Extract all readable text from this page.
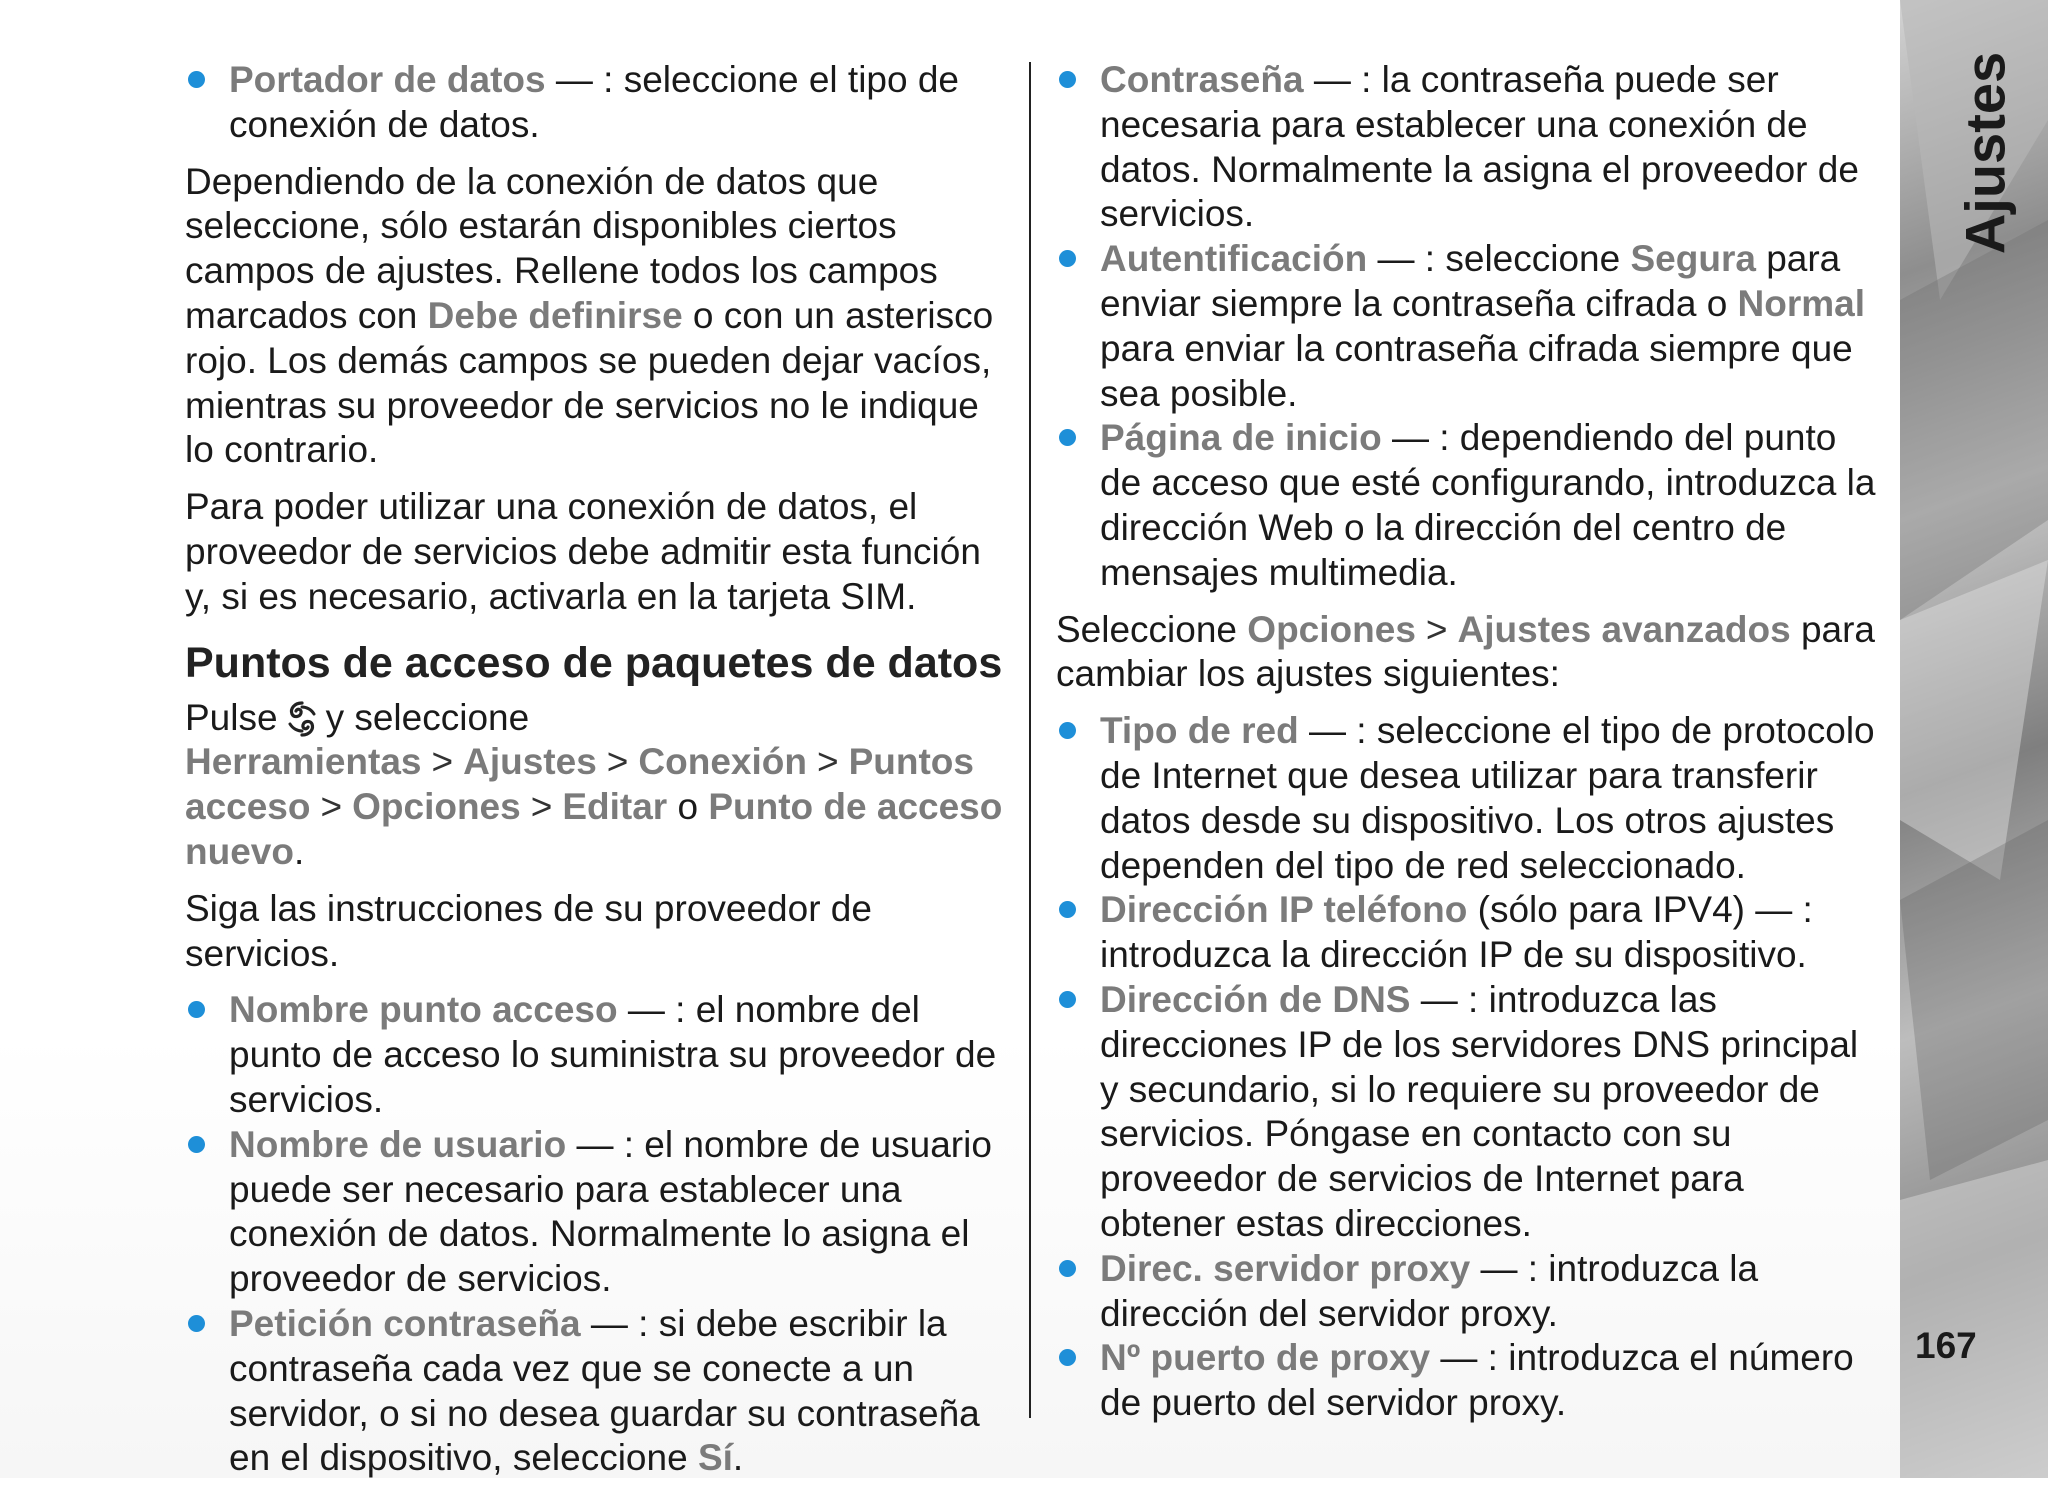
Portador de datos — : seleccione el tipo de conexión de datos.

Dependiendo de la conexión de datos que seleccione, sólo estarán disponibles ciertos campos de ajustes. Rellene todos los campos marcados con Debe definirse o con un asterisco rojo. Los demás campos se pueden dejar vacíos, mientras su proveedor de servicios no le indique lo contrario.

Para poder utilizar una conexión de datos, el proveedor de servicios debe admitir esta función y, si es necesario, activarla en la tarjeta SIM.

Puntos de acceso de paquetes de datos

Pulse y seleccione Herramientas > Ajustes > Conexión > Puntos acceso > Opciones > Editar o Punto de acceso nuevo.

Siga las instrucciones de su proveedor de servicios.

Nombre punto acceso — : el nombre del punto de acceso lo suministra su proveedor de servicios.
Nombre de usuario — : el nombre de usuario puede ser necesario para establecer una conexión de datos. Normalmente lo asigna el proveedor de servicios.
Petición contraseña — : si debe escribir la contraseña cada vez que se conecte a un servidor, o si no desea guardar su contraseña en el dispositivo, seleccione Sí.
Contraseña — : la contraseña puede ser necesaria para establecer una conexión de datos. Normalmente la asigna el proveedor de servicios.
Autentificación — : seleccione Segura para enviar siempre la contraseña cifrada o Normal para enviar la contraseña cifrada siempre que sea posible.
Página de inicio — : dependiendo del punto de acceso que esté configurando, introduzca la dirección Web o la dirección del centro de mensajes multimedia.

Seleccione Opciones > Ajustes avanzados para cambiar los ajustes siguientes:

Tipo de red — : seleccione el tipo de protocolo de Internet que desea utilizar para transferir datos desde su dispositivo. Los otros ajustes dependen del tipo de red seleccionado.
Dirección IP teléfono (sólo para IPV4) — : introduzca la dirección IP de su dispositivo.
Dirección de DNS — : introduzca las direcciones IP de los servidores DNS principal y secundario, si lo requiere su proveedor de servicios. Póngase en contacto con su proveedor de servicios de Internet para obtener estas direcciones.
Direc. servidor proxy — : introduzca la dirección del servidor proxy.
Nº puerto de proxy — : introduzca el número de puerto del servidor proxy.
Ajustes
167
